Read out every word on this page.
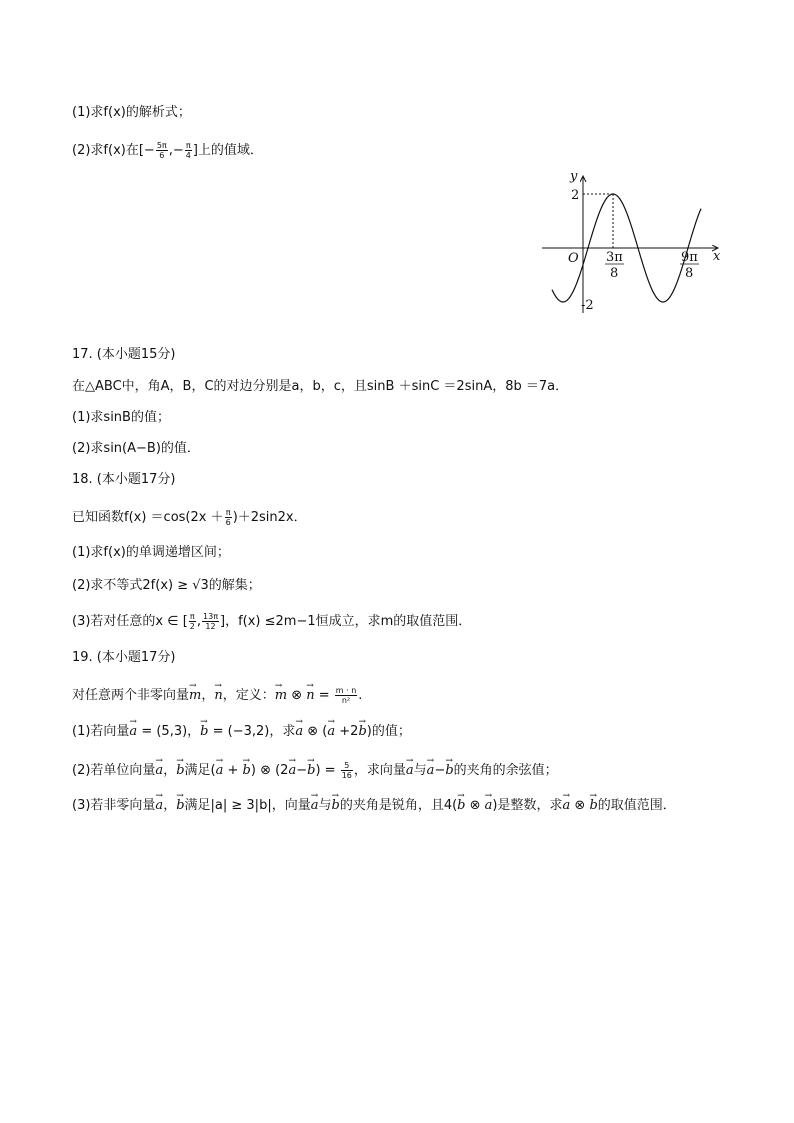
(1)求f(x)的解析式；
(2)求f(x)在[− $\frac{5\pi}{6}$ ,− $\frac{\pi}{4}$ ]上的值域．
y
x
O
2
-2
3π
8
9π
8
17. (本小题15分)
在△ABC中，角A，B，C的对边分别是a，b，c，且sinB ＋sinC ＝2sinA，8b ＝7a．
(1)求sinB的值；
(2)求sin(A−B)的值．
18. (本小题17分)
已知函数$f(x) =\cos(2x + \frac{\pi}{6} )+2\sin 2x$．
(1)求f(x)的单调递增区间；
(2)求不等式2f(x) ≥ √3的解集；
(3)若对任意的x ∈ [ $\frac{\pi}{2}$ , $\frac{13\pi}{12}$ ]，f(x) ≤2m−1恒成立，求m的取值范围．
19. (本小题17分)
对任意两个非零向量→ m，→ n，定义：→ m ⊗ → $n = \frac{m \cdot n}{\text{n²}}$ .
(1)若向量→ a = (5,3)，→ b = (−3,2)，求→ a ⊗ (→ a +2→ b)的值；
(2)若单位向量→ a，→ b满足(→ a + → b) ⊗ $(2\to a-\to b) = \frac{5}{16}$ ，求向量→ a与→ a−→ b的夹角的余弦值；
(3)若非零向量→ a，→ b满足|a| ≥ 3|b|，向量→ a与→ b的夹角是锐角，且4(→ b ⊗ → a)是整数，求→ a ⊗ → b的取值范围．
